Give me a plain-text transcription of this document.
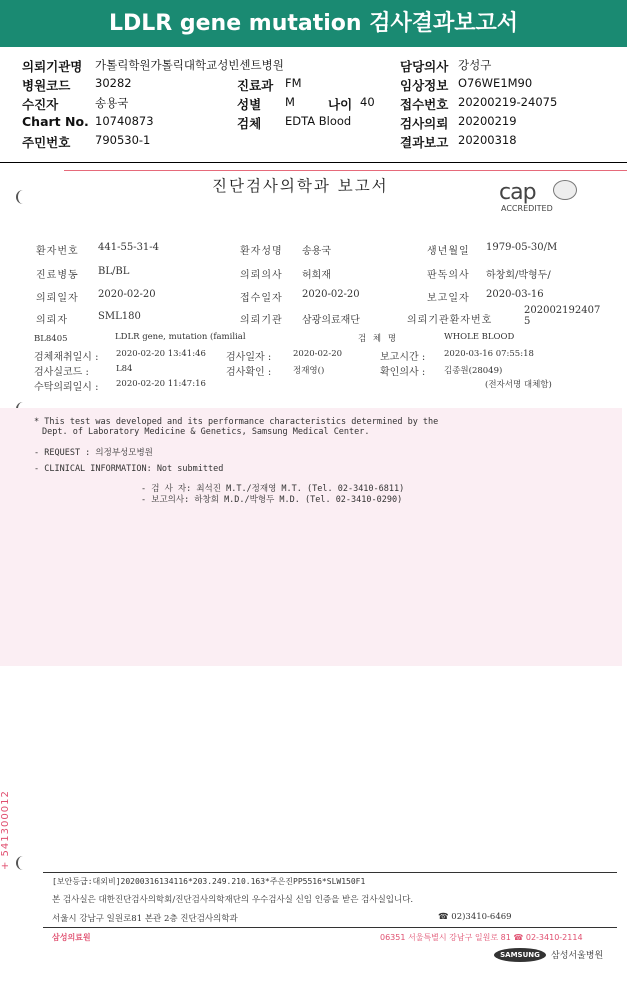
LDLR gene mutation 검사결과보고서
의뢰기관명 가톨릭학원가톨릭대학교성빈센트병원	담당의사 강성구
병원코드 30282	진료과 FM	임상정보 O76WE1M90
수진자	송용국	성별 M	나이 40 접수번호 20200219-24075
Chart No. 10740873	검체 EDTA Blood	검사의뢰 20200219
주민번호 790530-1	결과보고 20200318
진단검사의학과 보고서	cap
ACCREDITED
환자번호 441-55-31-4	환자성명 송용국	생년월일 1979-05-30/M
진료병동 BL/BL	의뢰의사 허희재	판독의사 하창회/박형두/
의뢰일자 2020-02-20	접수일자 2020-02-20	보고일자 2020-03-16
의뢰자	SML180	의뢰기관 삼광의료재단	의뢰기관환자번호
202002192407
5
BL8405	LDLR gene, mutation (familial	검 체 명	WHOLE BLOOD
검체채취일시 : 2020-02-20 13:41:46 검사일자 :	2020-02-20	보고시간 : 2020-03-16 07:55:18
검사실코드 :	L84	검사확인 :	정재영()	확인의사 : 김종원(28049)
수탁의뢰일시 : 2020-02-20 11:47:16	(전자서명 대체함)
* This test was developed and its performance characteristics determined by the
Dept. of Laboratory Medicine & Genetics, Samsung Medical Center.
- REQUEST : 의정부성모병원
- CLINICAL INFORMATION: Not submitted
- 검 사 자: 최석진 M.T./정재영 M.T. (Tel. 02-3410-6811)
- 보고의사: 하창회 M.D./박형두 M.D. (Tel. 02-3410-0290)
+ 541300012
[보안등급:대외비]20200316134116*203.249.210.163*주은진PP5516*SLW150F1
본 검사실은 대한진단검사의학회/진단검사의학재단의 우수검사실 신임 인증을 받은 검사실입니다.
서울시 강남구 일원로81 본관 2층 진단검사의학과	☎ 02)3410-6469
삼성의료원	06351 서울특별시 강남구 일원로 81 ☎ 02-3410-2114
SAMSUNG	삼성서울병원
